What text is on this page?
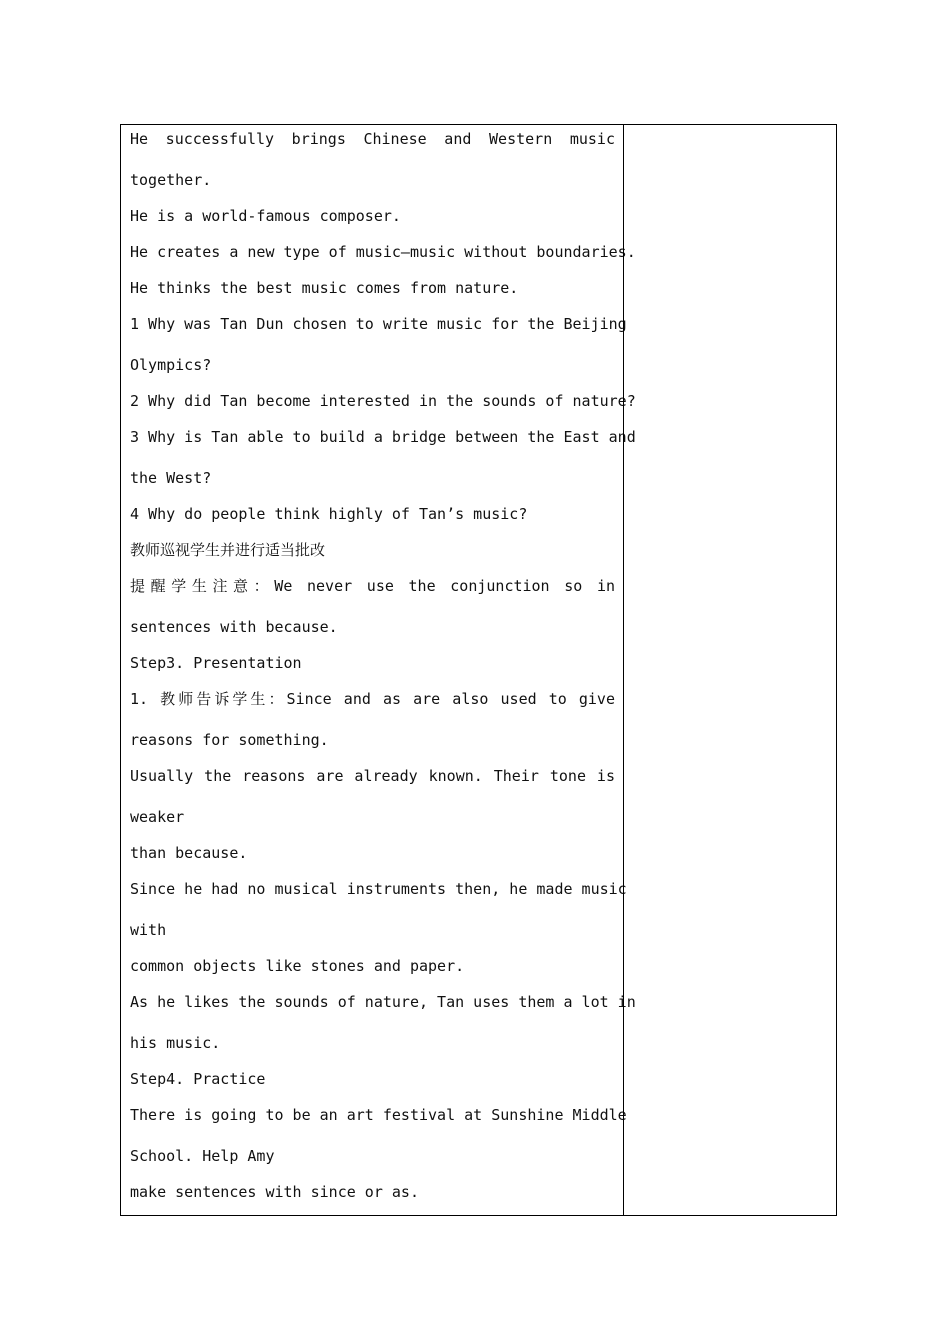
He successfully brings Chinese and Western music
together.
He is a world-famous composer.
He creates a new type of music—music without boundaries.
He thinks the best music comes from nature.
1 Why was Tan Dun chosen to write music for the Beijing
Olympics?
2 Why did Tan become interested in the sounds of nature?
3 Why is Tan able to build a bridge between the East and
the West?
4 Why do people think highly of Tan’s music?
教师巡视学生并进行适当批改
提醒学生注意：We never use the conjunction so in
sentences with because.
Step3. Presentation
1. 教师告诉学生：Since and as are also used to give
reasons for something.
Usually the reasons are already known. Their tone is
weaker
than because.
Since he had no musical instruments then, he made music
with
common objects like stones and paper.
As he likes the sounds of nature, Tan uses them a lot in
his music.
Step4. Practice
There is going to be an art festival at Sunshine Middle
School. Help Amy
make sentences with since or as.
